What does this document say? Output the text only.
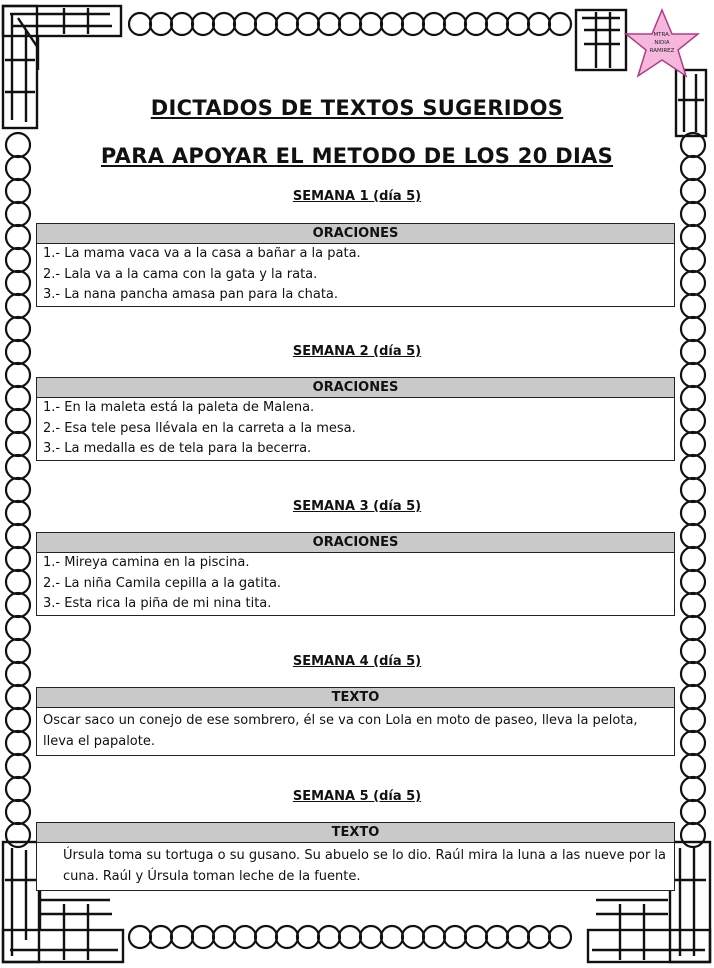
MTRA.
NIDIA
RAMIREZ
DICTADOS DE TEXTOS SUGERIDOS
PARA APOYAR EL METODO DE LOS 20 DIAS
SEMANA 1 (día 5)
ORACIONES
1.- La mama vaca va a la casa a bañar a la pata.
2.- Lala va a la cama con la gata y la rata.
3.- La nana pancha amasa pan para la chata.
SEMANA 2 (día 5)
ORACIONES
1.- En la maleta está la paleta de Malena.
2.- Esa tele pesa llévala en la carreta a la mesa.
3.- La medalla es de tela para la becerra.
SEMANA 3 (día 5)
ORACIONES
1.- Mireya camina en la piscina.
2.- La niña Camila cepilla a la gatita.
3.- Esta rica la piña de mi nina tita.
SEMANA 4 (día 5)
TEXTO
Oscar saco un conejo de ese sombrero, él se va con Lola en moto de paseo, lleva la pelota, lleva el papalote.
SEMANA 5 (día 5)
TEXTO
Úrsula toma su tortuga o su gusano. Su abuelo se lo dio. Raúl mira la luna a las nueve por la cuna. Raúl y Úrsula toman leche de la fuente.
